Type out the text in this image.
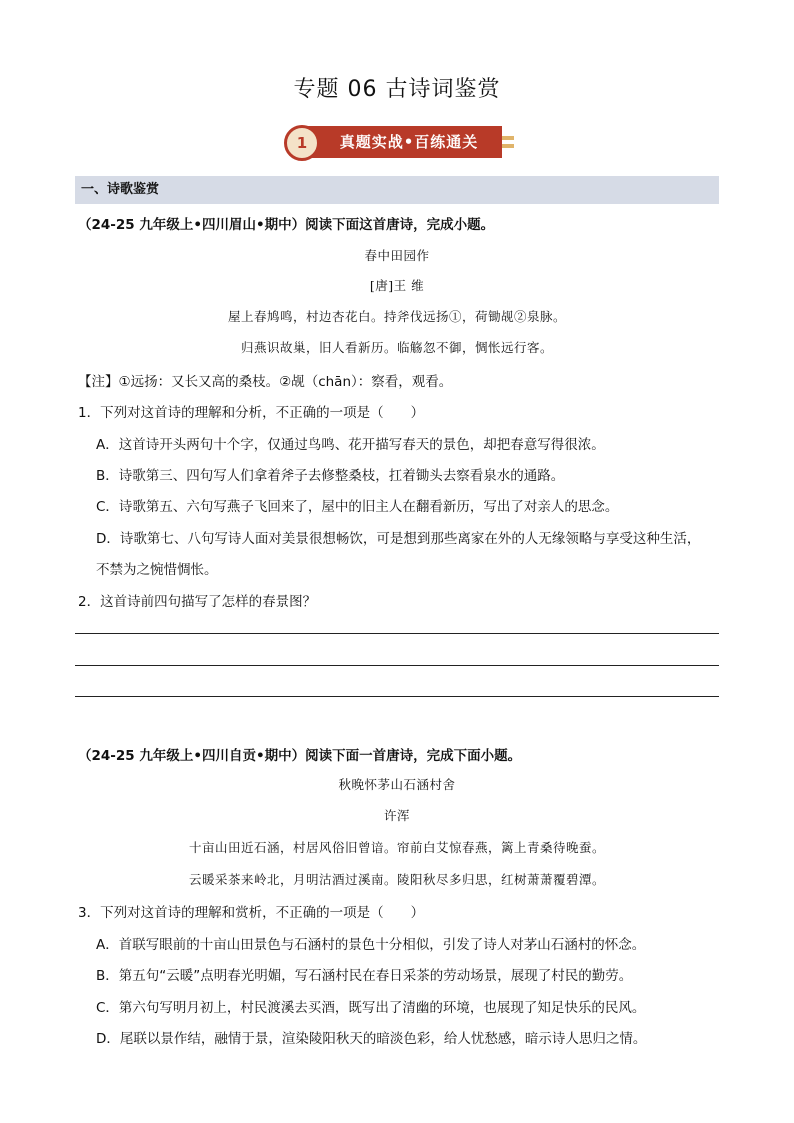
专题 06 古诗词鉴赏
1	真题实战•百练通关
一、诗歌鉴赏
（24-25 九年级上•四川眉山•期中）阅读下面这首唐诗，完成小题。
春中田园作
[唐]王 维
屋上春鸠鸣，村边杏花白。持斧伐远扬①，荷锄觇②泉脉。
归燕识故巢，旧人看新历。临觞忽不御，惆怅远行客。
【注】①远扬：又长又高的桑枝。②觇（chān）：察看，观看。
1．下列对这首诗的理解和分析，不正确的一项是（　　）
A．这首诗开头两句十个字，仅通过鸟鸣、花开描写春天的景色，却把春意写得很浓。
B．诗歌第三、四句写人们拿着斧子去修整桑枝，扛着锄头去察看泉水的通路。
C．诗歌第五、六句写燕子飞回来了，屋中的旧主人在翻看新历，写出了对亲人的思念。
D．诗歌第七、八句写诗人面对美景很想畅饮，可是想到那些离家在外的人无缘领略与享受这种生活，
不禁为之惋惜惆怅。
2．这首诗前四句描写了怎样的春景图？
（24-25 九年级上•四川自贡•期中）阅读下面一首唐诗，完成下面小题。
秋晚怀茅山石涵村舍
许浑
十亩山田近石涵，村居风俗旧曾谙。帘前白艾惊春燕，篱上青桑待晚蚕。
云暖采茶来岭北，月明沽酒过溪南。陵阳秋尽多归思，红树萧萧覆碧潭。
3．下列对这首诗的理解和赏析，不正确的一项是（　　）
A．首联写眼前的十亩山田景色与石涵村的景色十分相似，引发了诗人对茅山石涵村的怀念。
B．第五句“云暖”点明春光明媚，写石涵村民在春日采茶的劳动场景，展现了村民的勤劳。
C．第六句写明月初上，村民渡溪去买酒，既写出了清幽的环境，也展现了知足快乐的民风。
D．尾联以景作结，融情于景，渲染陵阳秋天的暗淡色彩，给人忧愁感，暗示诗人思归之情。
